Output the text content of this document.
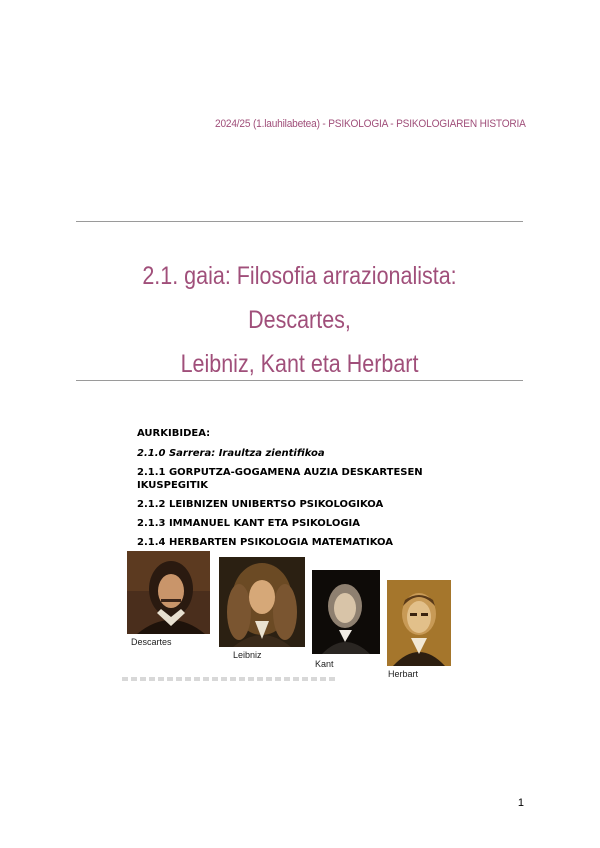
2024/25 (1.lauhilabetea) - PSIKOLOGIA - PSIKOLOGIAREN HISTORIA
2.1. gaia: Filosofia arrazionalista: Descartes,
Leibniz, Kant eta Herbart
AURKIBIDEA:
2.1.0 Sarrera: Iraultza zientifikoa
2.1.1 GORPUTZA-GOGAMENA AUZIA DESKARTESEN IKUSPEGITIK
2.1.2 LEIBNIZEN UNIBERTSO PSIKOLOGIKOA
2.1.3 IMMANUEL KANT ETA PSIKOLOGIA
2.1.4 HERBARTEN PSIKOLOGIA MATEMATIKOA
Descartes
Leibniz
Kant
Herbart
1
